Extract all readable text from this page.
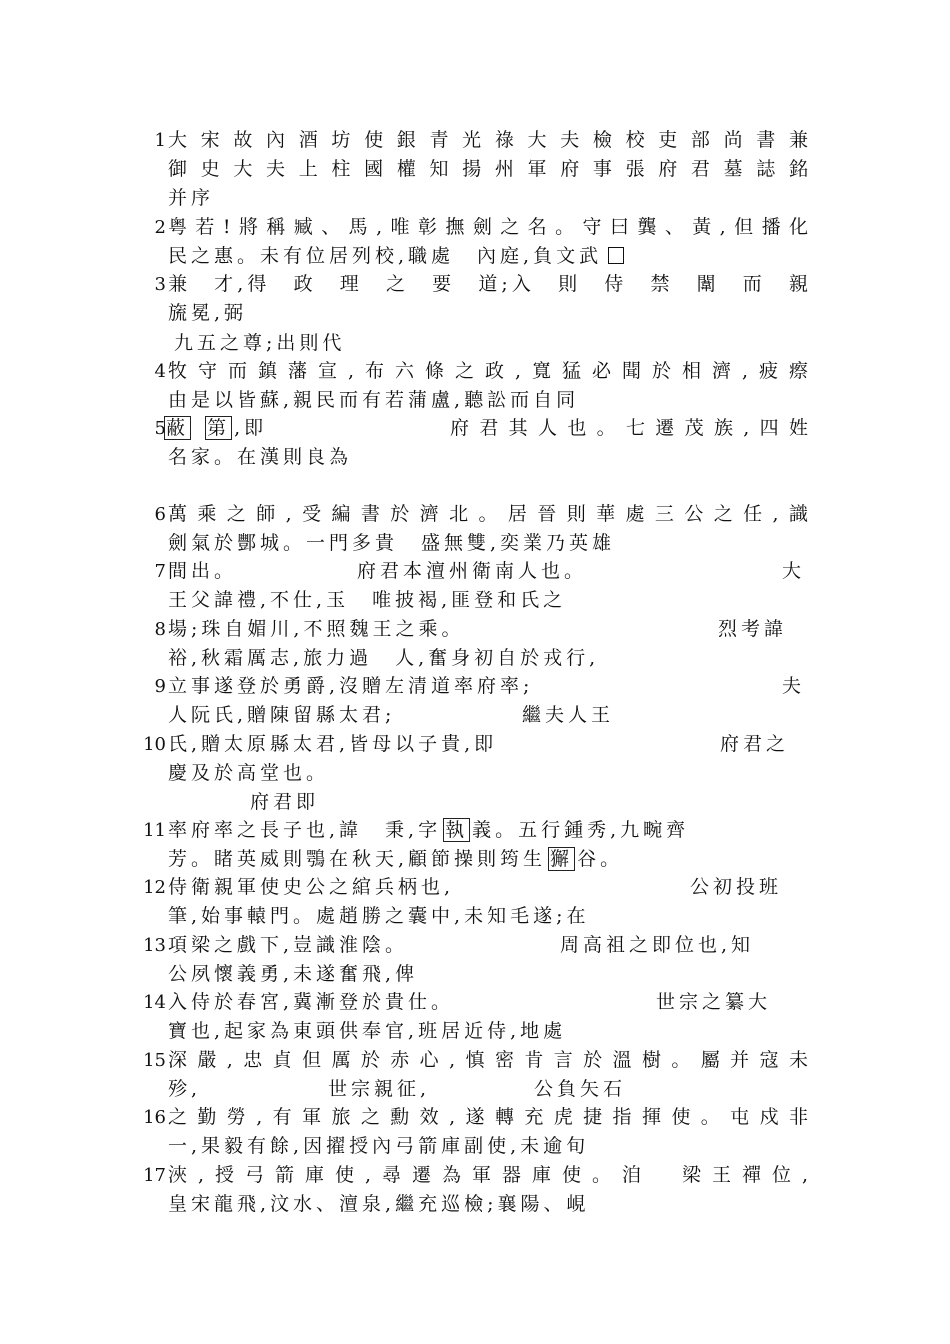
1 大宋故內酒坊使銀青光祿大夫檢校吏部尚書兼
御史大夫上柱國權知揚州軍府事張府君墓誌銘
并序
2 粤若!將稱臧、馬,唯彰撫劍之名。守曰龔、黃,但播化
民之惠。未有位居列校,職處　內庭,負文武
3 兼　才,得　政　理　之　要　道;入　則　侍　禁　闈　而　親
旒冕,弼
九五之尊;出則代
4 牧守而鎮藩宣,布六條之政,寬猛必聞於相濟,疲瘵
由是以皆蘇,親民而有若蒲盧,聽訟而自同
5 蔽 第 ,即	府君其人也。七遷茂族,四姓
名家。在漢則良為
6 萬乘之師,受編書於濟北。居晉則華處三公之任,識
劍氣於酆城。一門多貴　盛無雙,奕業乃英雄
7 間出。	府君本澶州衛南人也。	大
王父諱禮,不仕,玉　唯披褐,匪登和氏之
8 場;珠自媚川,不照魏王之乘。	烈考諱
裕,秋霜厲志,旅力過　人,奮身初自於戎行,
9 立事遂登於勇爵,沒贈左清道率府率;	夫
人阮氏,贈陳留縣太君;	繼夫人王
10 氏,贈太原縣太君,皆母以子貴,即	府君之
慶及於高堂也。
府君即
11 率府率之長子也,諱　秉,字 執 義。五行鍾秀,九畹齊
芳。睹英威則鶚在秋天,顧節操則筠生 獬 谷。
12 侍衛親軍使史公之綰兵柄也,	公初投班
筆,始事轅門。處趙勝之囊中,未知毛遂;在
13 項梁之戲下,豈識淮陰。	周高祖之即位也,知
公夙懷義勇,未遂奮飛,俾
14 入侍於春宮,冀漸登於貴仕。	世宗之纂大
寶也,起家為東頭供奉官,班居近侍,地處
15 深嚴,忠貞但厲於赤心,慎密肯言於溫樹。屬并寇未
殄,	世宗親征,	公負矢石
16 之勤勞,有軍旅之勳效,遂轉充虎捷指揮使。屯戍非
一,果毅有餘,因擢授內弓箭庫副使,未逾旬
17 浹,授弓箭庫使,尋遷為軍器庫使。洎　梁王禪位,
皇宋龍飛,汶水、澶泉,繼充巡檢;襄陽、峴
